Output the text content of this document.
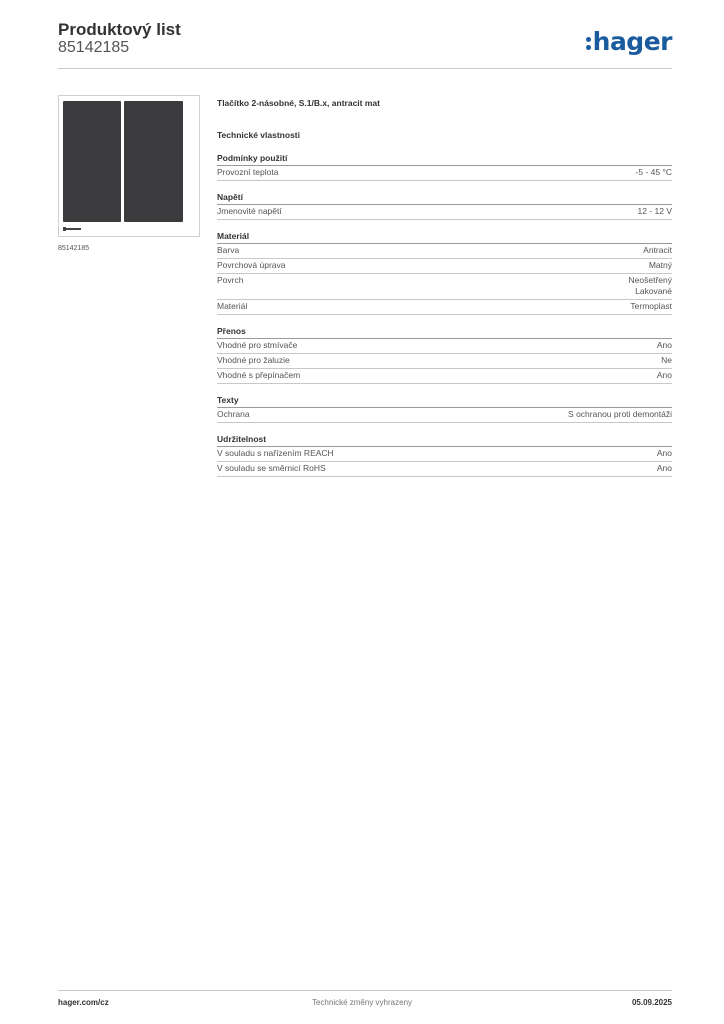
Produktový list
85142185	hager
85142185
Tlačítko 2-násobné, S.1/B.x, antracit mat
Technické vlastnosti
Podmínky použití
Provozní teplota	-5 - 45 °C
Napětí
Jmenovité napětí	12 - 12 V
Materiál
Barva	Antracit
Povrchová úprava	Matný
Povrch	Neošetřený
Lakované
Materiál	Termoplast
Přenos
Vhodné pro stmívače	Ano
Vhodné pro žaluzie	Ne
Vhodné s přepínačem	Ano
Texty
Ochrana	S ochranou proti demontáži
Udržitelnost
V souladu s nařízením REACH	Ano
V souladu se směrnicí RoHS	Ano
hager.com/cz	Technické změny vyhrazeny	05.09.2025
